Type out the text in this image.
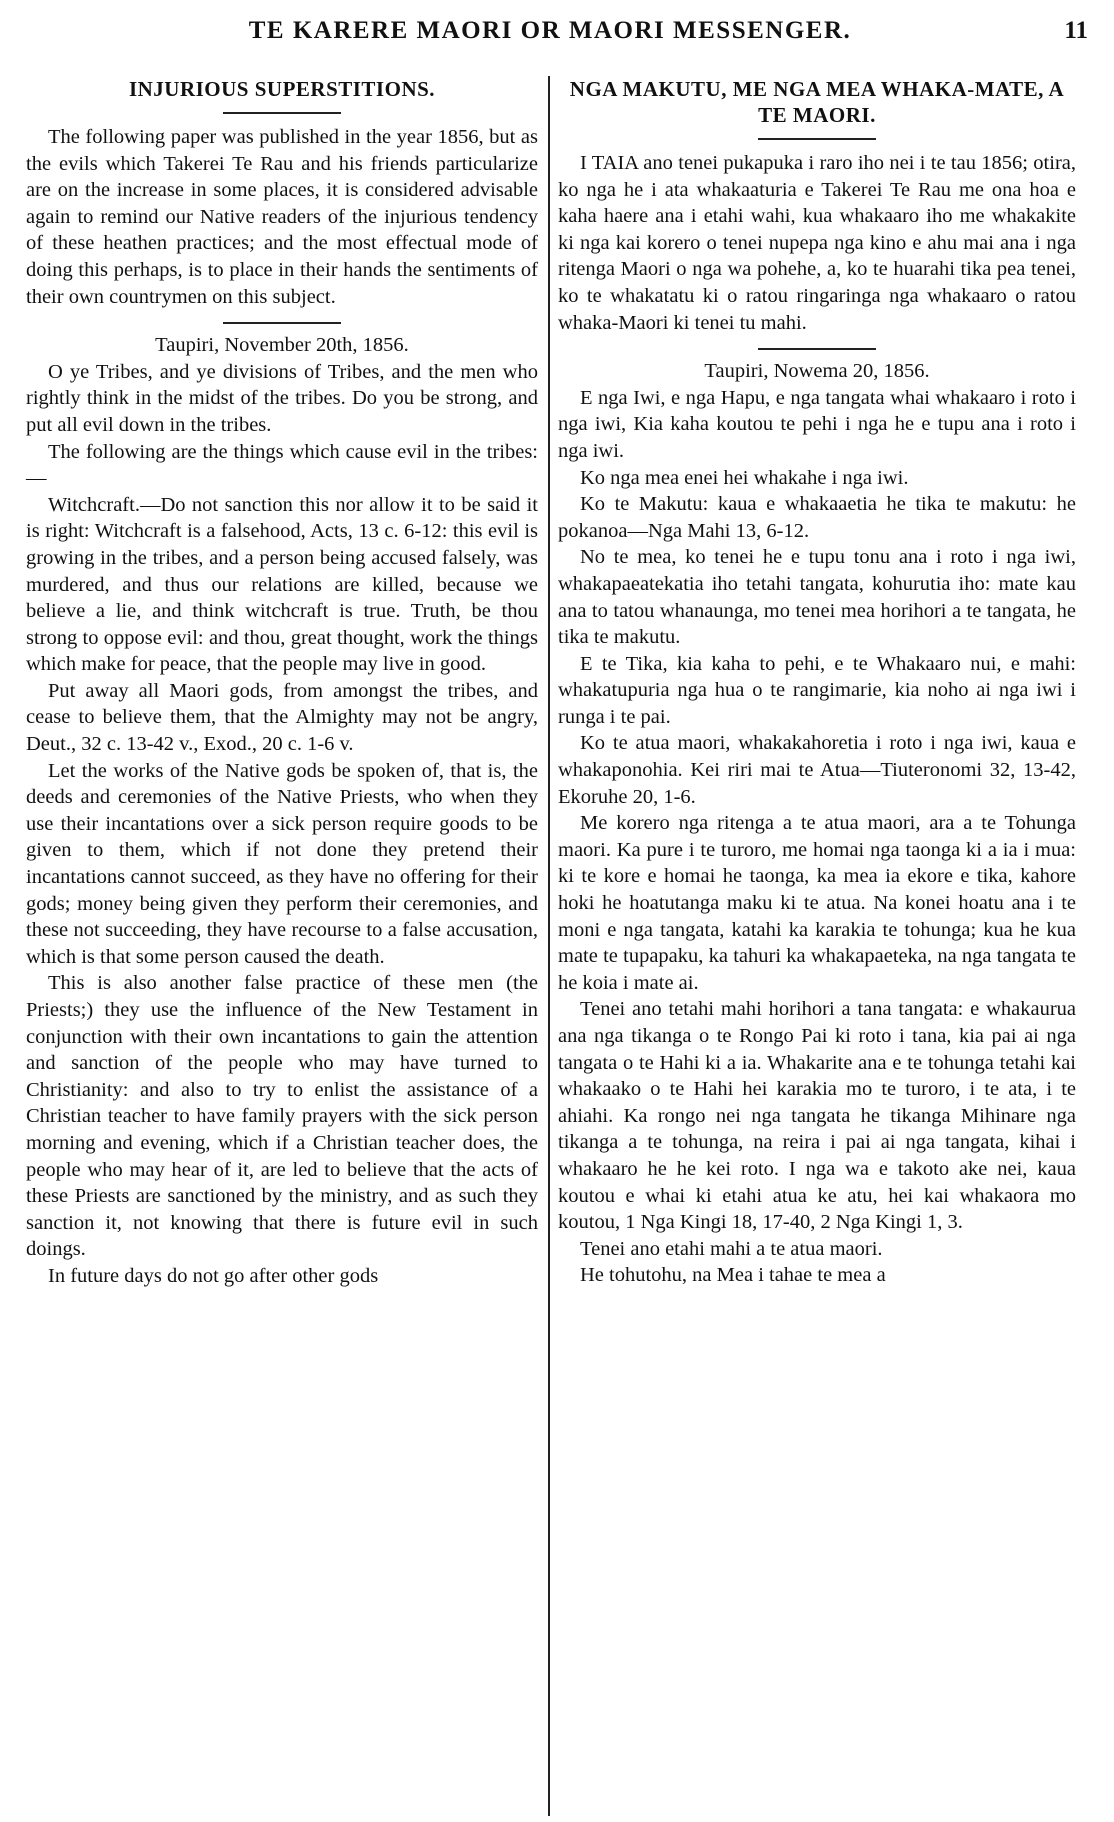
TE KARERE MAORI OR MAORI MESSENGER.	11
INJURIOUS SUPERSTITIONS.

The following paper was published in the year 1856, but as the evils which Takerei Te Rau and his friends particularize are on the increase in some places, it is considered advisable again to remind our Native readers of the injurious tendency of these heathen practices; and the most effectual mode of doing this perhaps, is to place in their hands the sentiments of their own countrymen on this subject.

Taupiri, November 20th, 1856.

O ye Tribes, and ye divisions of Tribes, and the men who rightly think in the midst of the tribes. Do you be strong, and put all evil down in the tribes.

The following are the things which cause evil in the tribes:—

Witchcraft.—Do not sanction this nor allow it to be said it is right: Witchcraft is a falsehood, Acts, 13 c. 6-12: this evil is growing in the tribes, and a person being accused falsely, was murdered, and thus our relations are killed, because we believe a lie, and think witchcraft is true. Truth, be thou strong to oppose evil: and thou, great thought, work the things which make for peace, that the people may live in good.

Put away all Maori gods, from amongst the tribes, and cease to believe them, that the Almighty may not be angry, Deut., 32 c. 13-42 v., Exod., 20 c. 1-6 v.

Let the works of the Native gods be spoken of, that is, the deeds and ceremonies of the Native Priests, who when they use their incantations over a sick person require goods to be given to them, which if not done they pretend their incantations cannot succeed, as they have no offering for their gods; money being given they perform their ceremonies, and these not succeeding, they have recourse to a false accusation, which is that some person caused the death.

This is also another false practice of these men (the Priests;) they use the influence of the New Testament in conjunction with their own incantations to gain the attention and sanction of the people who may have turned to Christianity: and also to try to enlist the assistance of a Christian teacher to have family prayers with the sick person morning and evening, which if a Christian teacher does, the people who may hear of it, are led to believe that the acts of these Priests are sanctioned by the ministry, and as such they sanction it, not knowing that there is future evil in such doings.

In future days do not go after other gods

NGA MAKUTU, ME NGA MEA WHAKA-MATE, A TE MAORI.

I TAIA ano tenei pukapuka i raro iho nei i te tau 1856; otira, ko nga he i ata whakaaturia e Takerei Te Rau me ona hoa e kaha haere ana i etahi wahi, kua whakaaro iho me whakakite ki nga kai korero o tenei nupepa nga kino e ahu mai ana i nga ritenga Maori o nga wa pohehe, a, ko te huarahi tika pea tenei, ko te whakatatu ki o ratou ringaringa nga whakaaro o ratou whaka-Maori ki tenei tu mahi.

Taupiri, Nowema 20, 1856.

E nga Iwi, e nga Hapu, e nga tangata whai whakaaro i roto i nga iwi, Kia kaha koutou te pehi i nga he e tupu ana i roto i nga iwi.

Ko nga mea enei hei whakahe i nga iwi.

Ko te Makutu: kaua e whakaaetia he tika te makutu: he pokanoa—Nga Mahi 13, 6-12.

No te mea, ko tenei he e tupu tonu ana i roto i nga iwi, whakapaeatekatia iho tetahi tangata, kohurutia iho: mate kau ana to tatou whanaunga, mo tenei mea horihori a te tangata, he tika te makutu.

E te Tika, kia kaha to pehi, e te Whakaaro nui, e mahi: whakatupuria nga hua o te rangimarie, kia noho ai nga iwi i runga i te pai.

Ko te atua maori, whakakahoretia i roto i nga iwi, kaua e whakaponohia. Kei riri mai te Atua—Tiuteronomi 32, 13-42, Ekoruhe 20, 1-6.

Me korero nga ritenga a te atua maori, ara a te Tohunga maori. Ka pure i te turoro, me homai nga taonga ki a ia i mua: ki te kore e homai he taonga, ka mea ia ekore e tika, kahore hoki he hoatutanga maku ki te atua. Na konei hoatu ana i te moni e nga tangata, katahi ka karakia te tohunga; kua he kua mate te tupapaku, ka tahuri ka whakapaeteka, na nga tangata te he koia i mate ai.

Tenei ano tetahi mahi horihori a tana tangata: e whakaurua ana nga tikanga o te Rongo Pai ki roto i tana, kia pai ai nga tangata o te Hahi ki a ia. Whakarite ana e te tohunga tetahi kai whakaako o te Hahi hei karakia mo te turoro, i te ata, i te ahiahi. Ka rongo nei nga tangata he tikanga Mihinare nga tikanga a te tohunga, na reira i pai ai nga tangata, kihai i whakaaro he he kei roto. I nga wa e takoto ake nei, kaua koutou e whai ki etahi atua ke atu, hei kai whakaora mo koutou, 1 Nga Kingi 18, 17-40, 2 Nga Kingi 1, 3.

Tenei ano etahi mahi a te atua maori.

He tohutohu, na Mea i tahae te mea a
